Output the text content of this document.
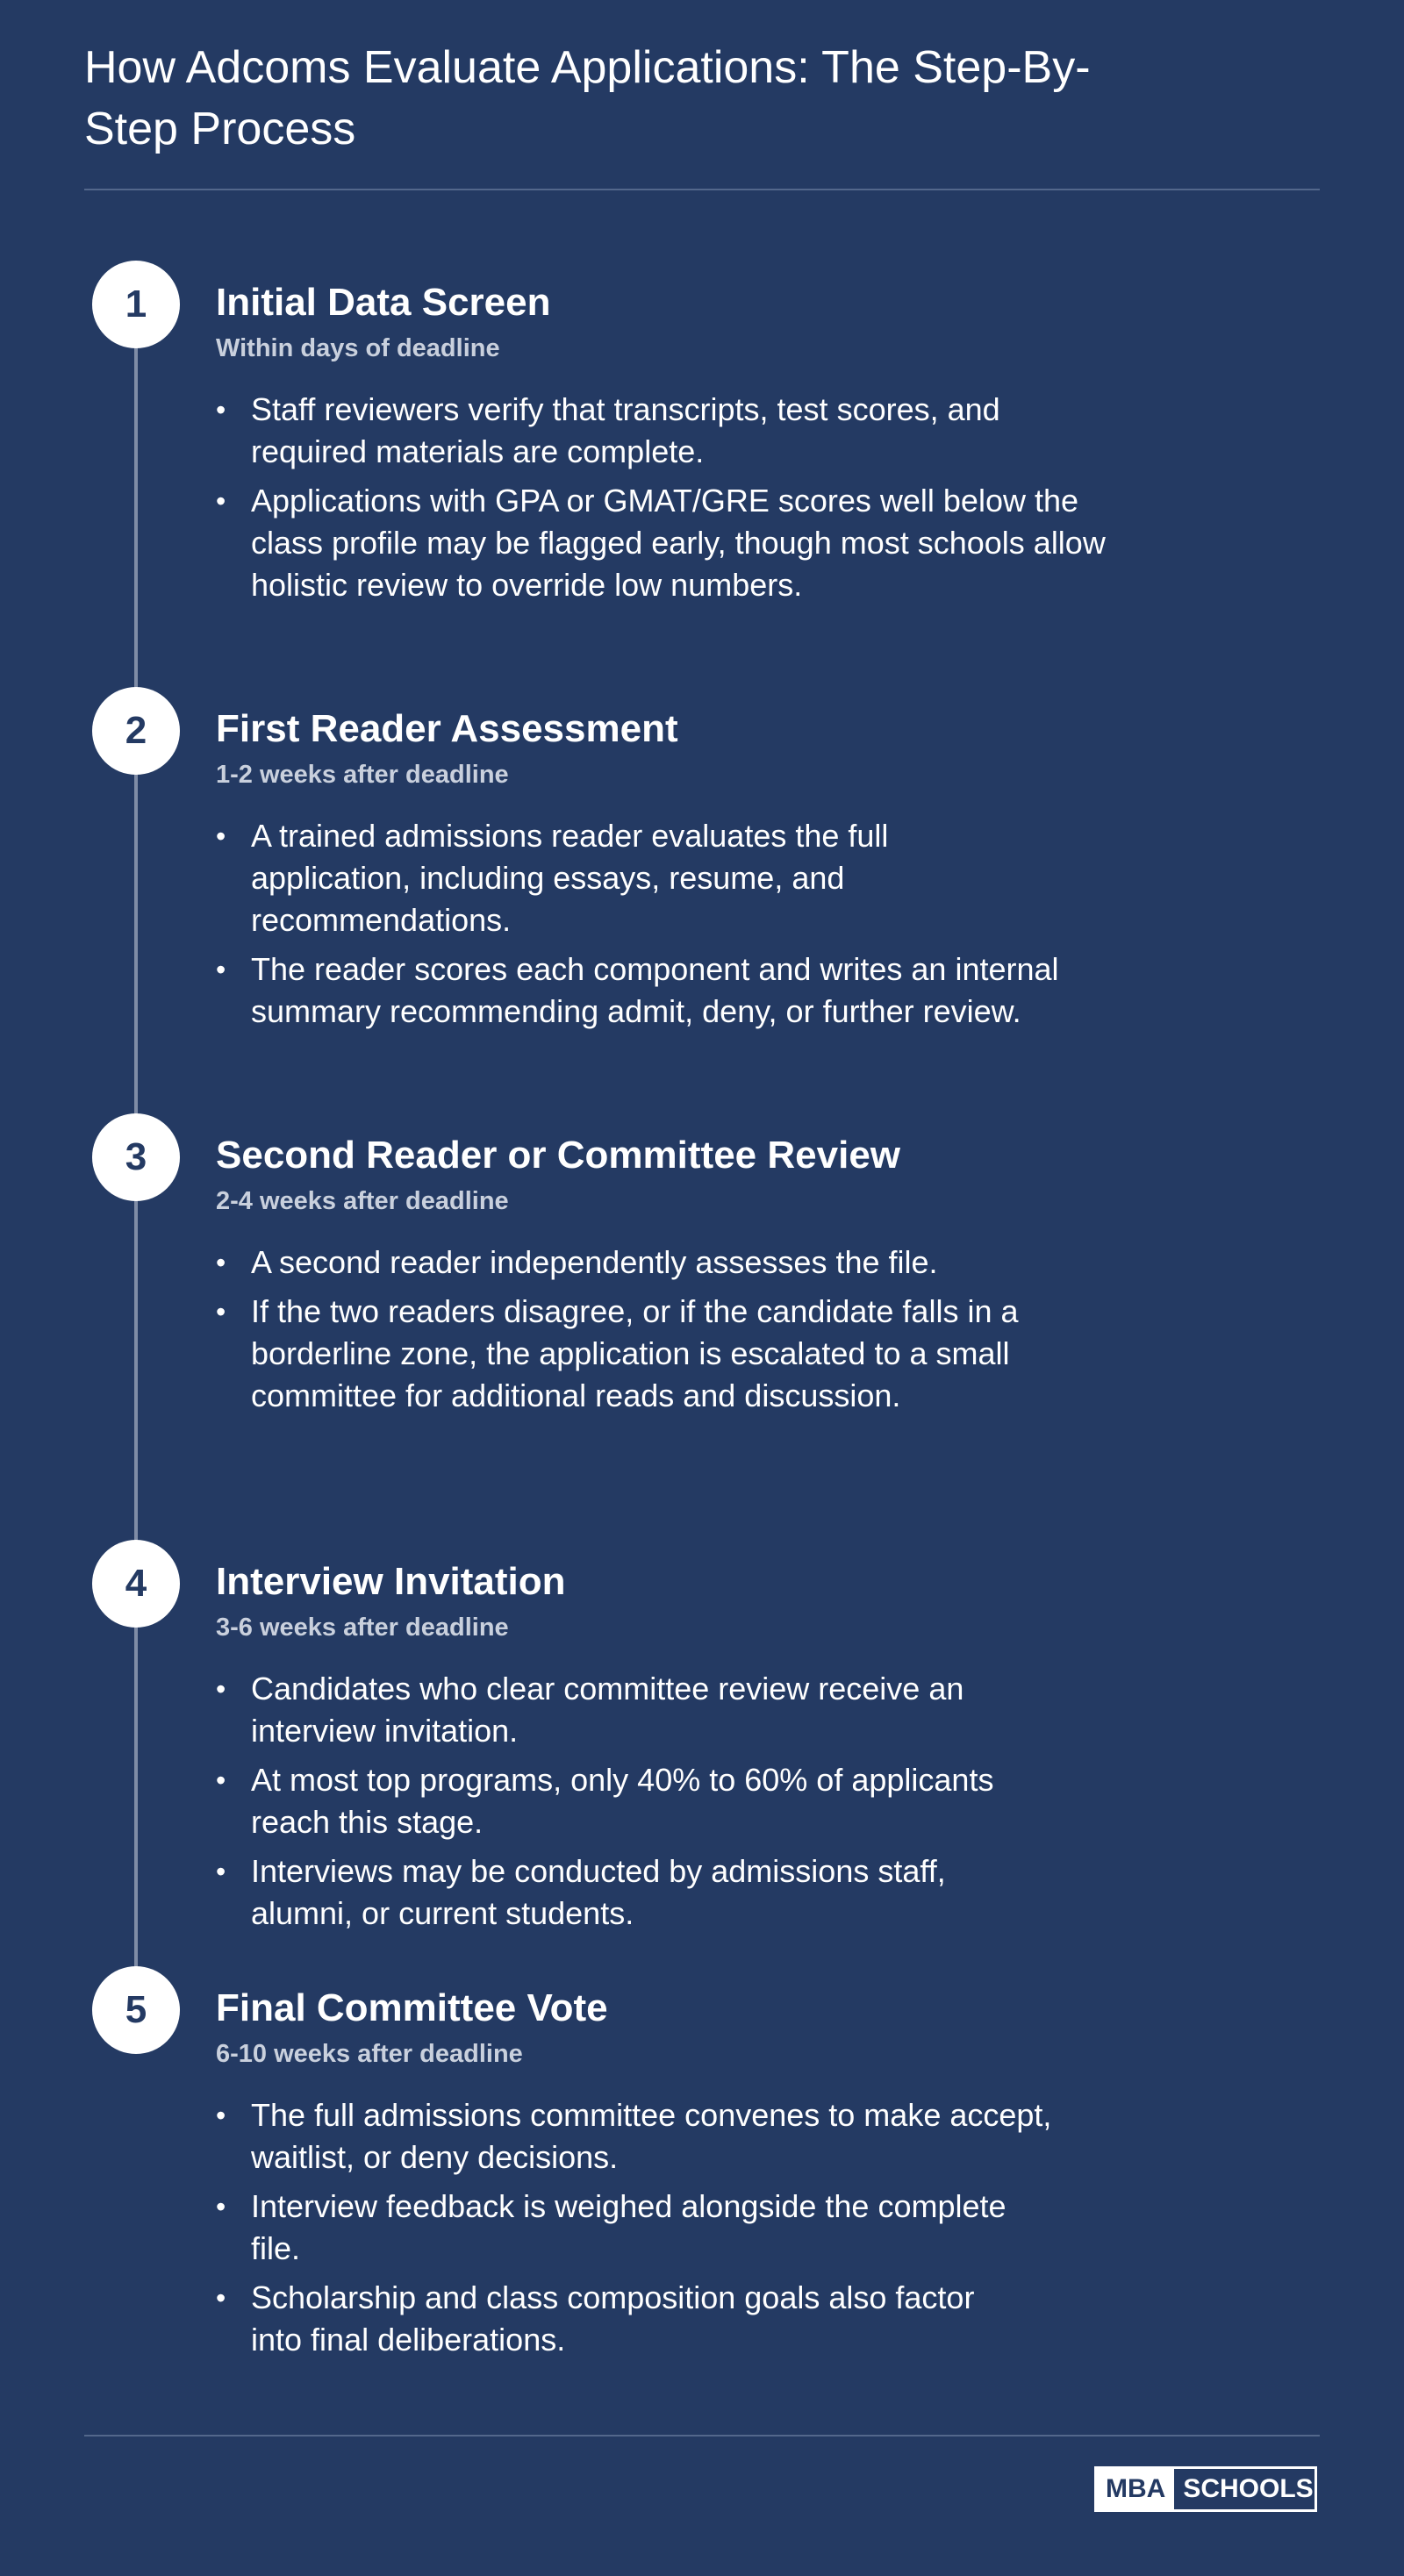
How Adcoms Evaluate Applications: The Step-By-Step Process
1	Initial Data Screen
Within days of deadline
• Staff reviewers verify that transcripts, test scores, and required materials are complete.
• Applications with GPA or GMAT/GRE scores well below the class profile may be flagged early, though most schools allow holistic review to override low numbers.
2	First Reader Assessment
1-2 weeks after deadline
• A trained admissions reader evaluates the full application, including essays, resume, and recommendations.
• The reader scores each component and writes an internal summary recommending admit, deny, or further review.
3	Second Reader or Committee Review
2-4 weeks after deadline
• A second reader independently assesses the file.
• If the two readers disagree, or if the candidate falls in a borderline zone, the application is escalated to a small committee for additional reads and discussion.
4	Interview Invitation
3-6 weeks after deadline
• Candidates who clear committee review receive an interview invitation.
• At most top programs, only 40% to 60% of applicants reach this stage.
• Interviews may be conducted by admissions staff, alumni, or current students.
5	Final Committee Vote
6-10 weeks after deadline
• The full admissions committee convenes to make accept, waitlist, or deny decisions.
• Interview feedback is weighed alongside the complete file.
• Scholarship and class composition goals also factor into final deliberations.
MBA SCHOOLS
